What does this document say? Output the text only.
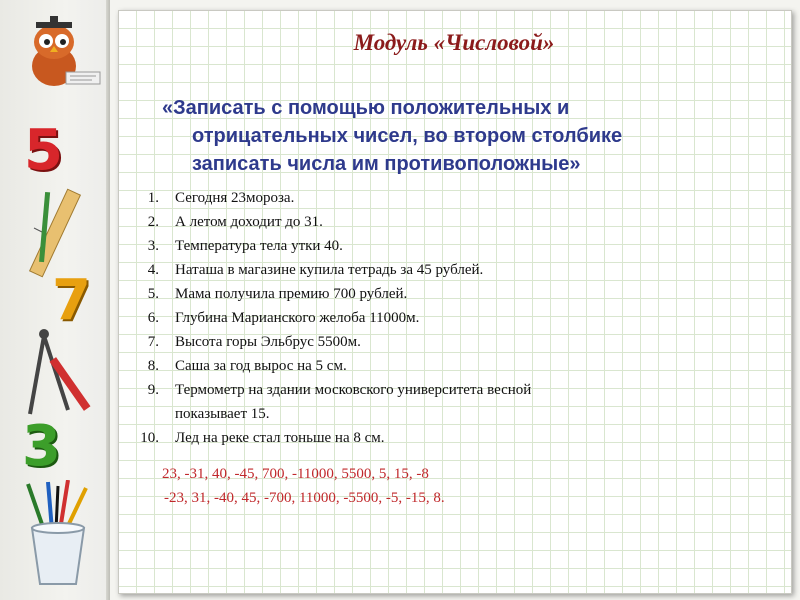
5
7
3
Модуль «Числовой»
«Записать с помощью положительных и
отрицательных чисел, во втором столбике
записать числа им противоположные»
1.	Сегодня 23мороза.
2.	А летом доходит до 31.
3.	Температура тела утки 40.
4.	Наташа в магазине купила тетрадь за 45 рублей.
5.	Мама получила премию 700 рублей.
6.	Глубина Марианского желоба 11000м.
7.	Высота горы Эльбрус 5500м.
8.	Саша за год вырос на 5 см.
9.	Термометр на здании московского университета весной
показывает 15.
10.	Лед на реке стал тоньше на 8 см.
23, -31, 40, -45, 700, -11000, 5500, 5, 15, -8
-23, 31, -40, 45, -700, 11000, -5500, -5, -15, 8.
